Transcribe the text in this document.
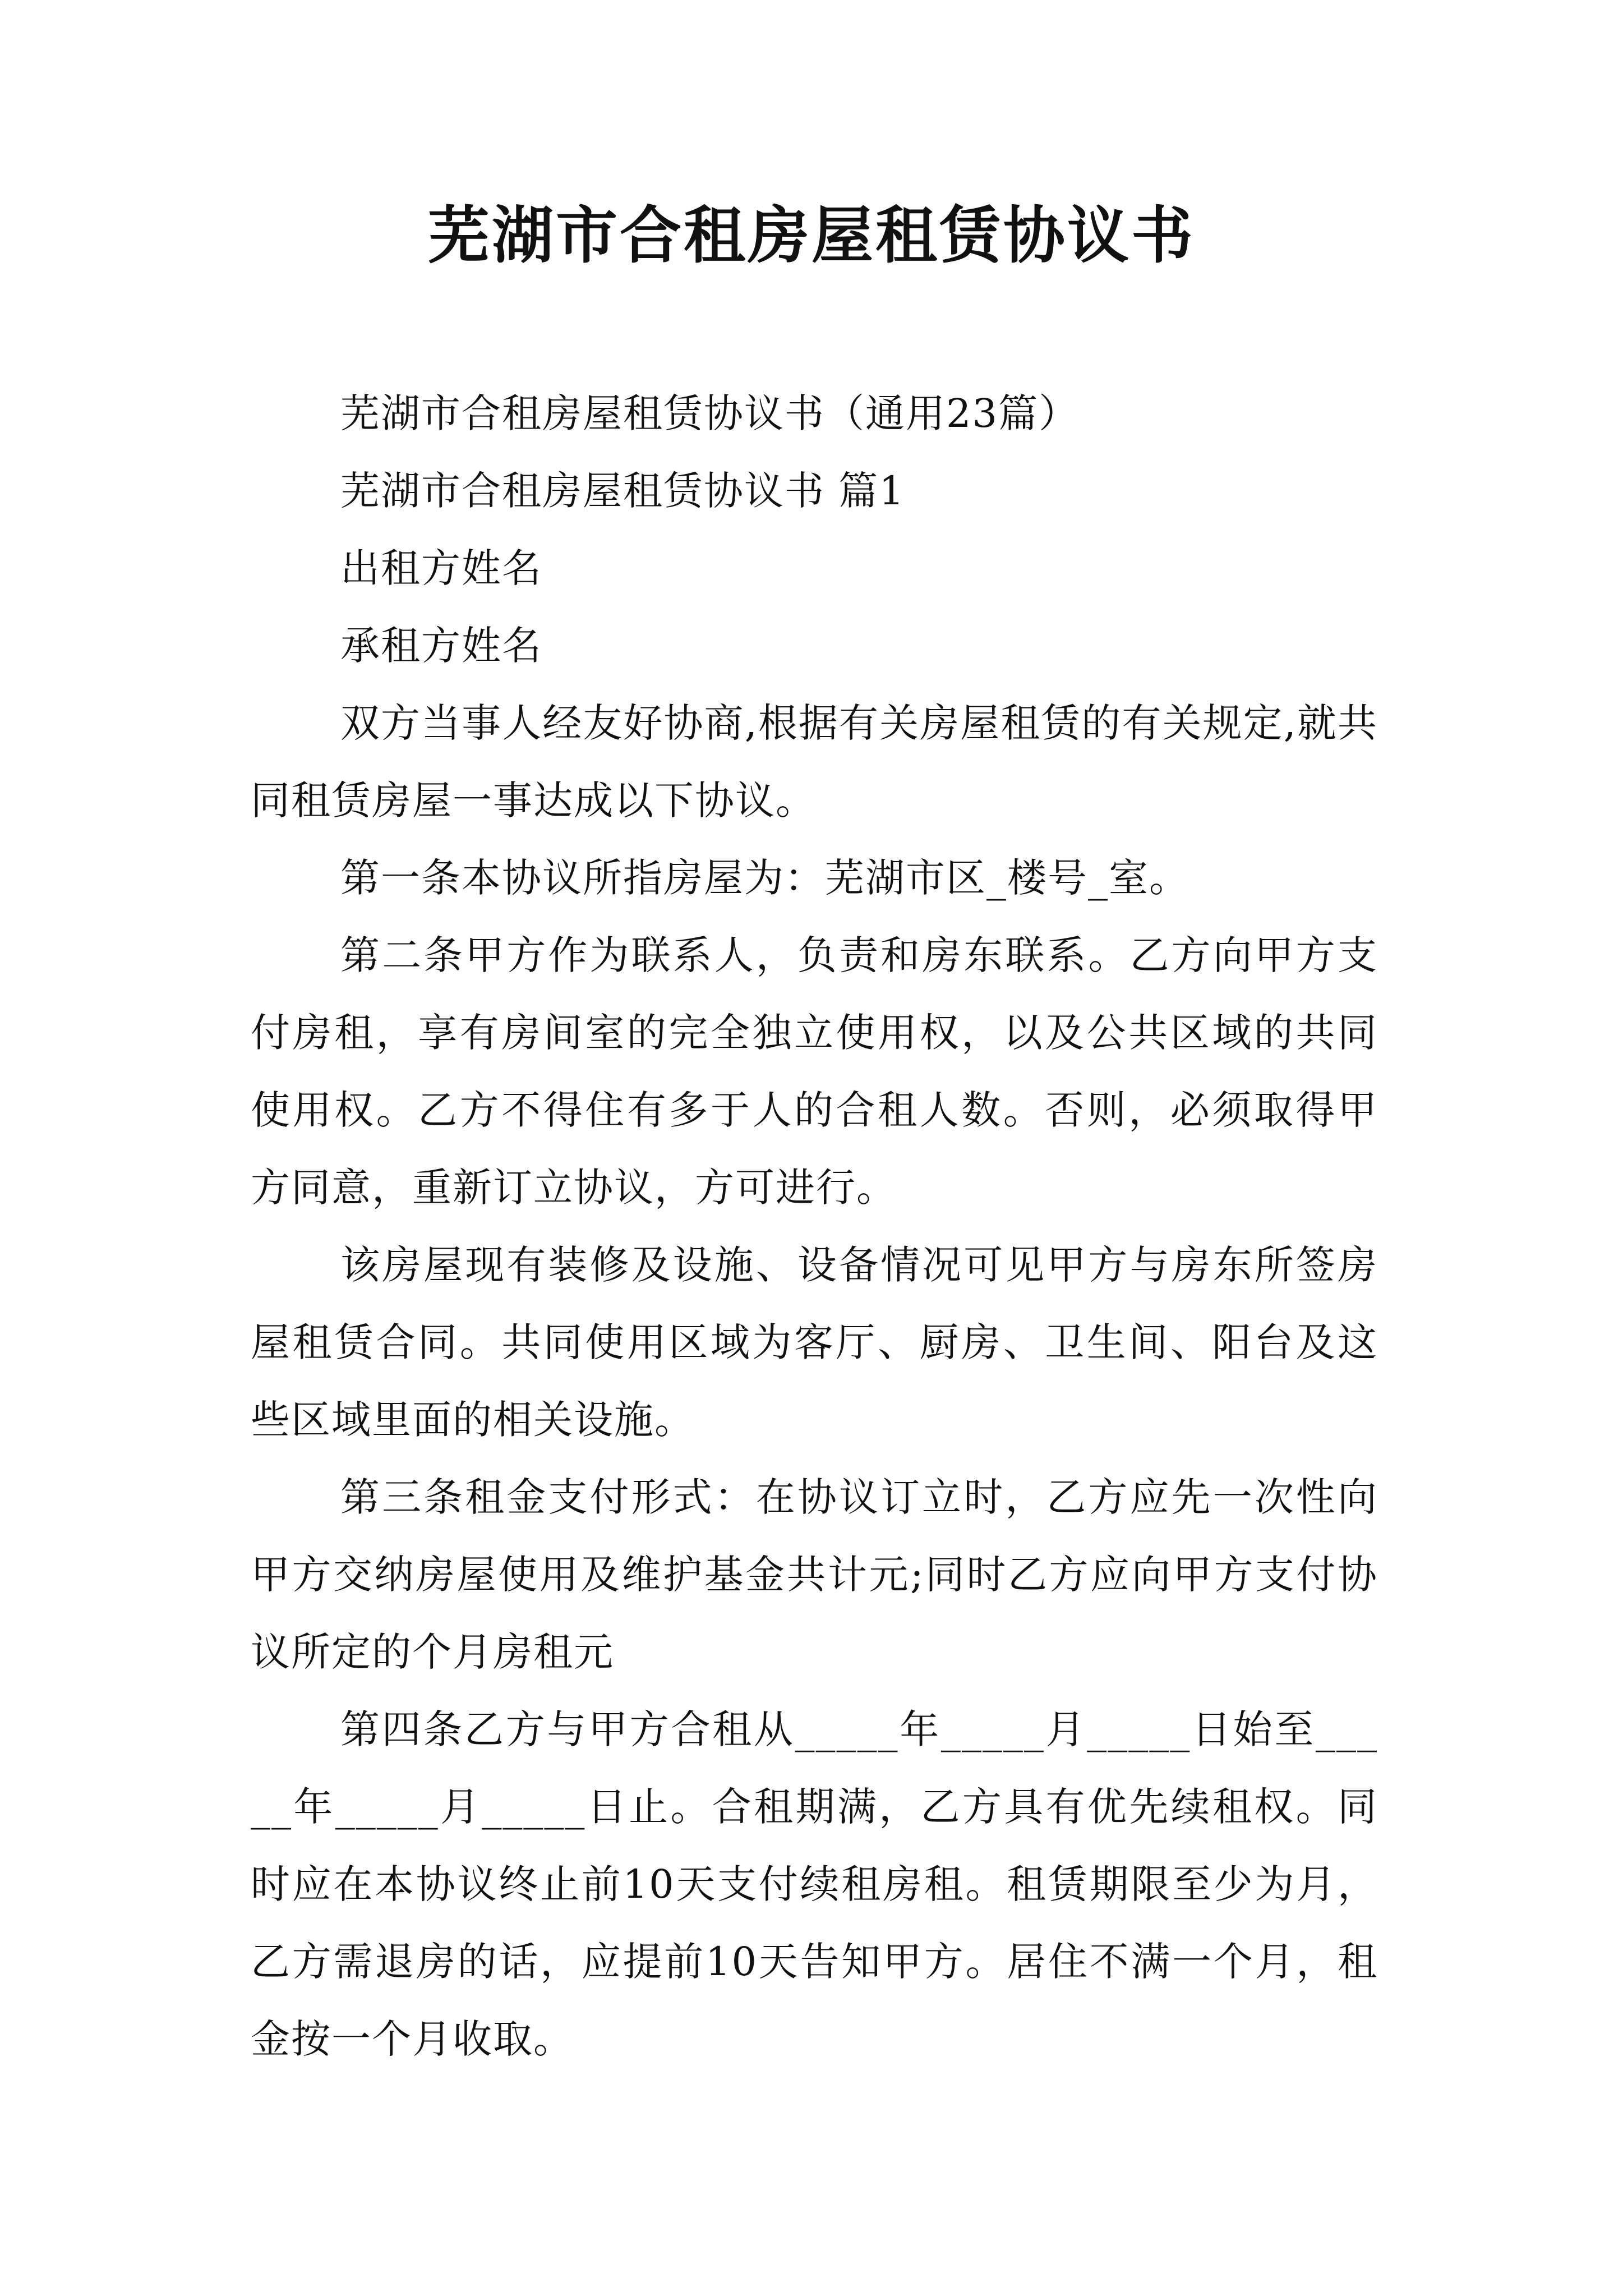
芜湖市合租房屋租赁协议书

芜湖市合租房屋租赁协议书（通用23篇）

芜湖市合租房屋租赁协议书 篇1

出租方姓名

承租方姓名

双方当事人经友好协商,根据有关房屋租赁的有关规定,就共同租赁房屋一事达成以下协议。

第一条本协议所指房屋为：芜湖市区_楼号_室。

第二条甲方作为联系人，负责和房东联系。乙方向甲方支付房租，享有房间室的完全独立使用权，以及公共区域的共同使用权。乙方不得住有多于人的合租人数。否则，必须取得甲方同意，重新订立协议，方可进行。

该房屋现有装修及设施、设备情况可见甲方与房东所签房屋租赁合同。共同使用区域为客厅、厨房、卫生间、阳台及这些区域里面的相关设施。

第三条租金支付形式：在协议订立时，乙方应先一次性向甲方交纳房屋使用及维护基金共计元;同时乙方应向甲方支付协议所定的个月房租元

第四条乙方与甲方合租从_____年_____月_____日始至_____年_____月_____日止。合租期满，乙方具有优先续租权。同时应在本协议终止前10天支付续租房租。租赁期限至少为月，乙方需退房的话，应提前10天告知甲方。居住不满一个月，租金按一个月收取。
